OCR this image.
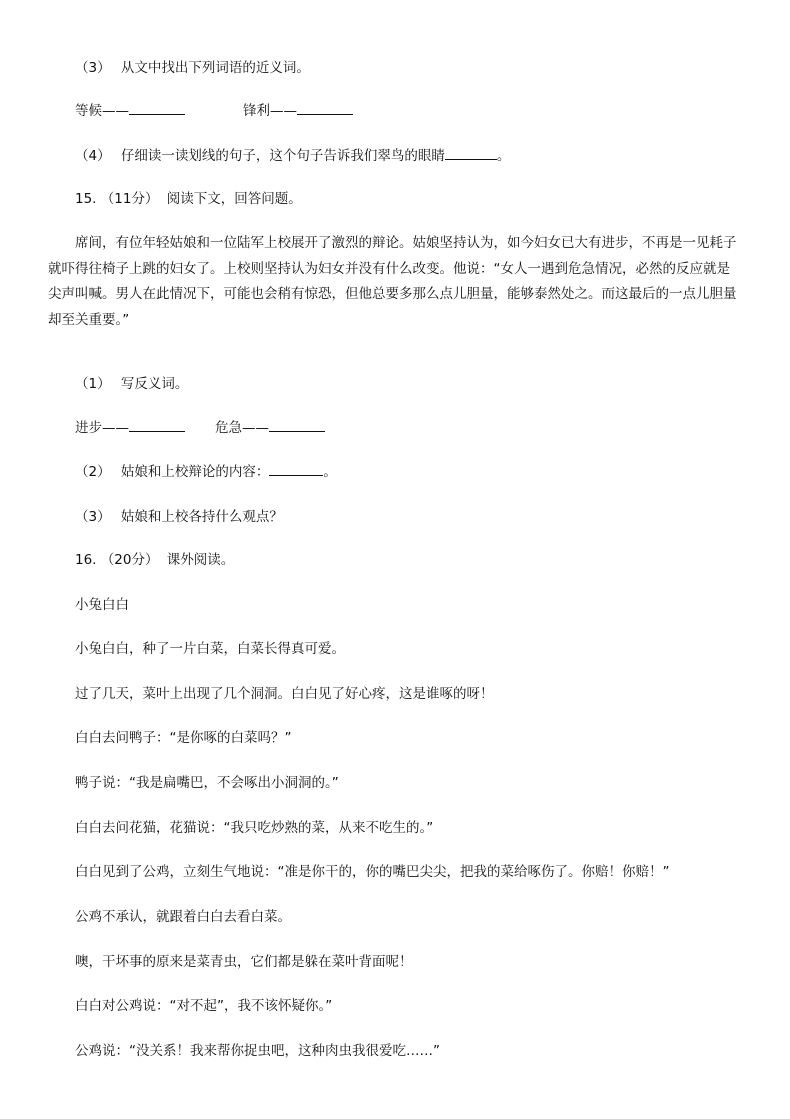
（3） 从文中找出下列词语的近义词。
等候——	锋利——
（4） 仔细读一读划线的句子，这个句子告诉我们翠鸟的眼睛	。
15. （11分） 阅读下文，回答问题。
席间，有位年轻姑娘和一位陆军上校展开了激烈的辩论。姑娘坚持认为，如今妇女已大有进步，不再是一见耗子就吓得往椅子上跳的妇女了。上校则坚持认为妇女并没有什么改变。他说：“女人一遇到危急情况，必然的反应就是尖声叫喊。男人在此情况下，可能也会稍有惊恐，但他总要多那么点儿胆量，能够泰然处之。而这最后的一点儿胆量却至关重要。”
（1） 写反义词。
进步——	危急——
（2） 姑娘和上校辩论的内容：	。
（3） 姑娘和上校各持什么观点？
16. （20分） 课外阅读。
小兔白白
小兔白白，种了一片白菜，白菜长得真可爱。
过了几天，菜叶上出现了几个洞洞。白白见了好心疼，这是谁啄的呀！
白白去问鸭子：“是你啄的白菜吗？”
鸭子说：“我是扁嘴巴，不会啄出小洞洞的。”
白白去问花猫，花猫说：“我只吃炒熟的菜，从来不吃生的。”
白白见到了公鸡，立刻生气地说：“准是你干的，你的嘴巴尖尖，把我的菜给啄伤了。你赔！你赔！”
公鸡不承认，就跟着白白去看白菜。
噢，干坏事的原来是菜青虫，它们都是躲在菜叶背面呢！
白白对公鸡说：“对不起”，我不该怀疑你。”
公鸡说：“没关系！我来帮你捉虫吧，这种肉虫我很爱吃……”
